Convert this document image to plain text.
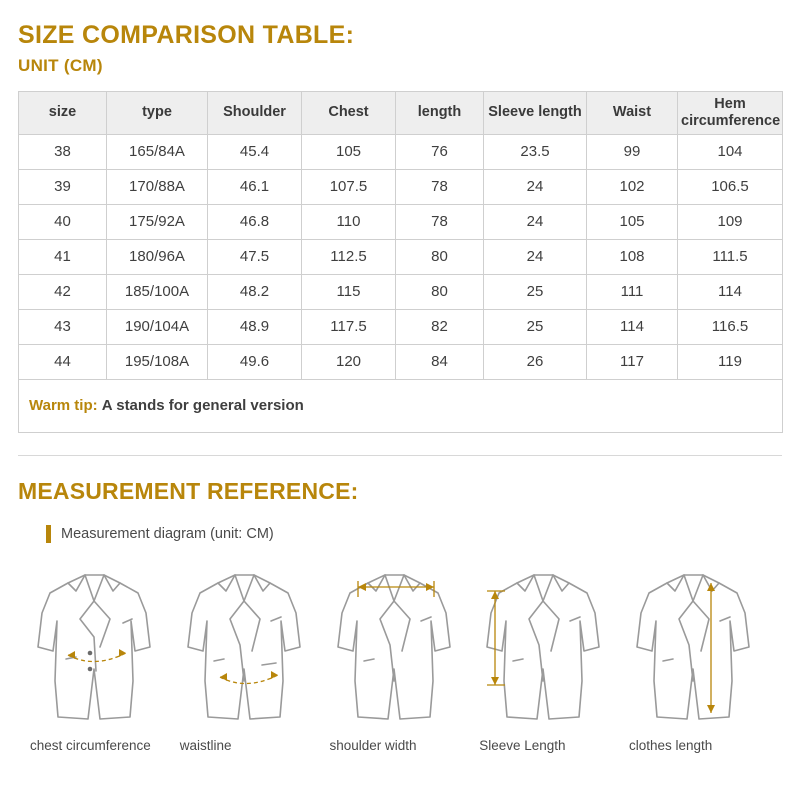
SIZE COMPARISON TABLE:
UNIT (CM)
size	type	Shoulder	Chest	length	Sleeve length	Waist	Hem circumference
38	165/84A	45.4	105	76	23.5	99	104
39	170/88A	46.1	107.5	78	24	102	106.5
40	175/92A	46.8	110	78	24	105	109
41	180/96A	47.5	112.5	80	24	108	111.5
42	185/100A	48.2	115	80	25	111	114
43	190/104A	48.9	117.5	82	25	114	116.5
44	195/108A	49.6	120	84	26	117	119
Warm tip: A stands for general version							
MEASUREMENT REFERENCE:
Measurement diagram (unit: CM)
chest circumference	waistline	shoulder width	Sleeve Length	clothes length
